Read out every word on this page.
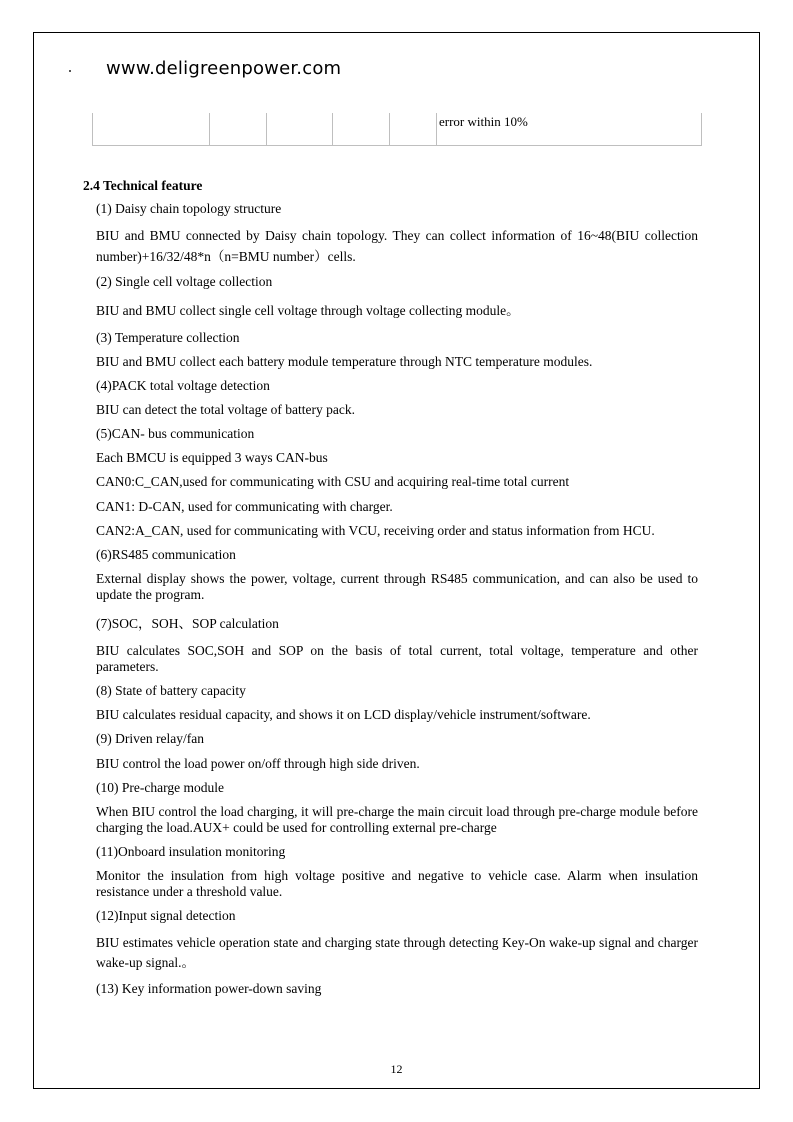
www.deligreenpower.com
error within 10%
2.4 Technical feature
(1) Daisy chain topology structure
BIU and BMU connected by Daisy chain topology. They can collect information of 16~48(BIU collection number)+16/32/48*n（n=BMU number）cells.
(2) Single cell voltage collection
BIU and BMU collect single cell voltage through voltage collecting module。
(3) Temperature collection
BIU and BMU collect each battery module temperature through NTC temperature modules.
(4)PACK total voltage detection
BIU can detect the total voltage of battery pack.
(5)CAN- bus communication
Each BMCU is equipped 3 ways CAN-bus
CAN0:C_CAN,used for communicating with CSU and acquiring real-time total current
CAN1: D-CAN, used for communicating with charger.
CAN2:A_CAN, used for communicating with VCU, receiving order and status information from HCU.
(6)RS485 communication
External display shows the power, voltage, current through RS485 communication, and can also be used to update the program.
(7)SOC，SOH、SOP calculation
BIU calculates SOC,SOH and SOP on the basis of total current, total voltage, temperature and other parameters.
(8) State of battery capacity
BIU calculates residual capacity, and shows it on LCD display/vehicle instrument/software.
(9) Driven relay/fan
BIU control the load power on/off through high side driven.
(10) Pre-charge module
When BIU control the load charging, it will pre-charge the main circuit load through pre-charge module before charging the load.AUX+ could be used for controlling external pre-charge
(11)Onboard insulation monitoring
Monitor the insulation from high voltage positive and negative to vehicle case. Alarm when insulation resistance under a threshold value.
(12)Input signal detection
BIU estimates vehicle operation state and charging state through detecting Key-On wake-up signal and charger wake-up signal.。
(13) Key information power-down saving
12
